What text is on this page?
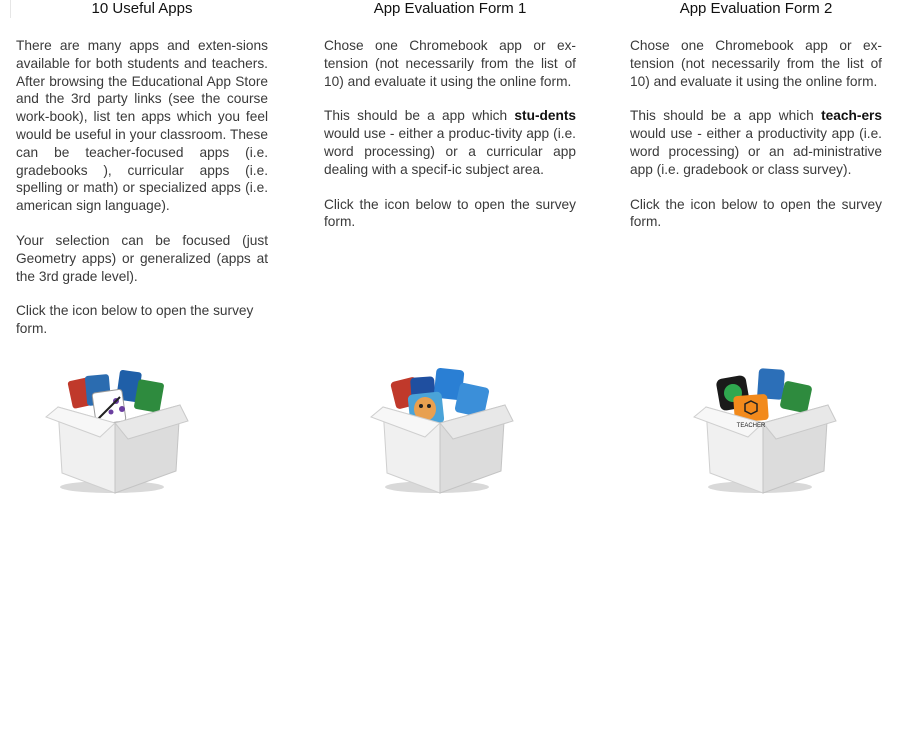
10 Useful Apps

There are many apps and exten-sions available for both students and teachers. After browsing the Educational App Store and the 3rd party links (see the course work-book), list ten apps which you feel would be useful in your classroom. These can be teacher-focused apps (i.e. gradebooks ), curricular apps (i.e. spelling or math) or specialized apps (i.e. american sign language).

Your selection can be focused (just Geometry apps) or generalized (apps at the 3rd grade level).

Click the icon below to open the survey form.

App Evaluation Form 1

Chose one Chromebook app or ex-tension (not necessarily from the list of 10) and evaluate it using the online form.

This should be a app which stu-dents would use - either a produc-tivity app (i.e. word processing) or a curricular app dealing with a specif-ic subject area.

Click the icon below to open the survey form.

App Evaluation Form 2

Chose one Chromebook app or ex-tension (not necessarily from the list of 10) and evaluate it using the online form.

This should be a app which teach-ers would use - either a productivity app (i.e. word processing) or an ad-ministrative app (i.e. gradebook or class survey).

Click the icon below to open the survey form.

TEACHER
